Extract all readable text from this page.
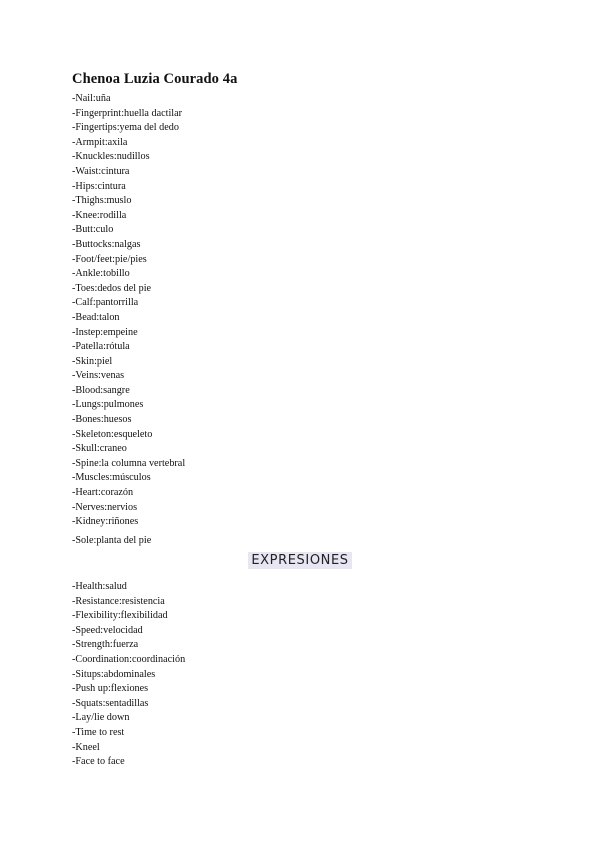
Chenoa Luzia Courado 4a
-Nail:uña
-Fingerprint:huella dactilar
-Fingertips:yema del dedo
-Armpit:axila
-Knuckles:nudillos
-Waist:cintura
-Hips:cintura
-Thighs:muslo
-Knee:rodilla
-Butt:culo
-Buttocks:nalgas
-Foot/feet:pie/pies
-Ankle:tobillo
-Toes:dedos del pie
-Calf:pantorrilla
-Bead:talon
-Instep:empeine
-Patella:rótula
-Skin:piel
-Veins:venas
-Blood:sangre
-Lungs:pulmones
-Bones:huesos
-Skeleton:esqueleto
-Skull:craneo
-Spine:la columna vertebral
-Muscles:músculos
-Heart:corazón
-Nerves:nervios
-Kidney:riñones
-Sole:planta del pie
EXPRESIONES
-Health:salud
-Resistance:resistencia
-Flexibility:flexibilidad
-Speed:velocidad
-Strength:fuerza
-Coordination:coordinación
-Situps:abdominales
-Push up:flexiones
-Squats:sentadillas
-Lay/lie down
-Time to rest
-Kneel
-Face to face
